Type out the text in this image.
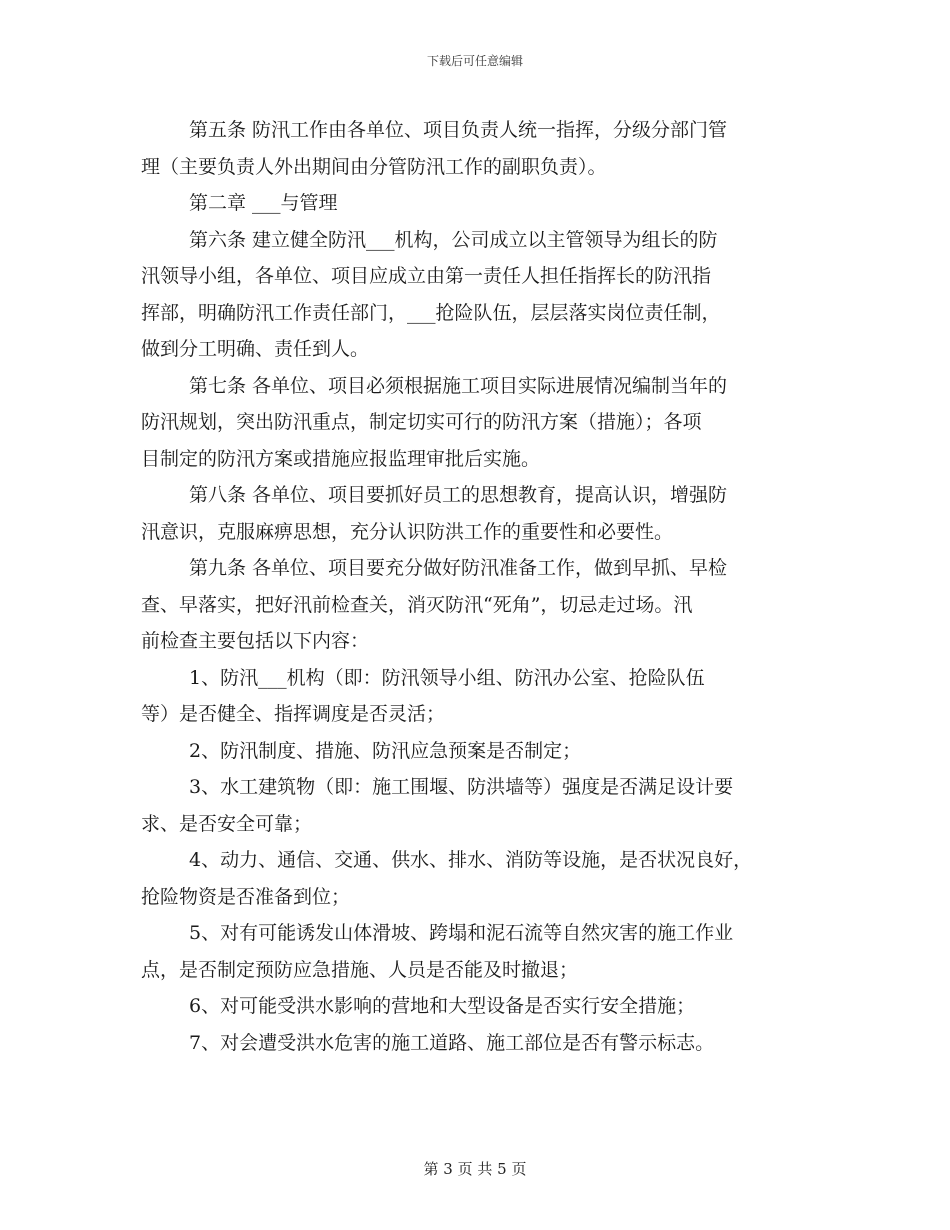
下载后可任意编辑
第五条 防汛工作由各单位、项目负责人统一指挥，分级分部门管
理（主要负责人外出期间由分管防汛工作的副职负责）。
第二章 ___与管理
第六条 建立健全防汛___机构，公司成立以主管领导为组长的防
汛领导小组，各单位、项目应成立由第一责任人担任指挥长的防汛指
挥部，明确防汛工作责任部门，___抢险队伍，层层落实岗位责任制，
做到分工明确、责任到人。
第七条 各单位、项目必须根据施工项目实际进展情况编制当年的
防汛规划，突出防汛重点，制定切实可行的防汛方案（措施）；各项
目制定的防汛方案或措施应报监理审批后实施。
第八条 各单位、项目要抓好员工的思想教育，提高认识，增强防
汛意识，克服麻痹思想，充分认识防洪工作的重要性和必要性。
第九条 各单位、项目要充分做好防汛准备工作，做到早抓、早检
查、早落实，把好汛前检查关，消灭防汛“死角”，切忌走过场。汛
前检查主要包括以下内容：
1、防汛___机构（即：防汛领导小组、防汛办公室、抢险队伍
等）是否健全、指挥调度是否灵活；
2、防汛制度、措施、防汛应急预案是否制定；
3、水工建筑物（即：施工围堰、防洪墙等）强度是否满足设计要
求、是否安全可靠；
4、动力、通信、交通、供水、排水、消防等设施，是否状况良好，
抢险物资是否准备到位；
5、对有可能诱发山体滑坡、跨塌和泥石流等自然灾害的施工作业
点，是否制定预防应急措施、人员是否能及时撤退；
6、对可能受洪水影响的营地和大型设备是否实行安全措施；
7、对会遭受洪水危害的施工道路、施工部位是否有警示标志。
第 3 页 共 5 页
